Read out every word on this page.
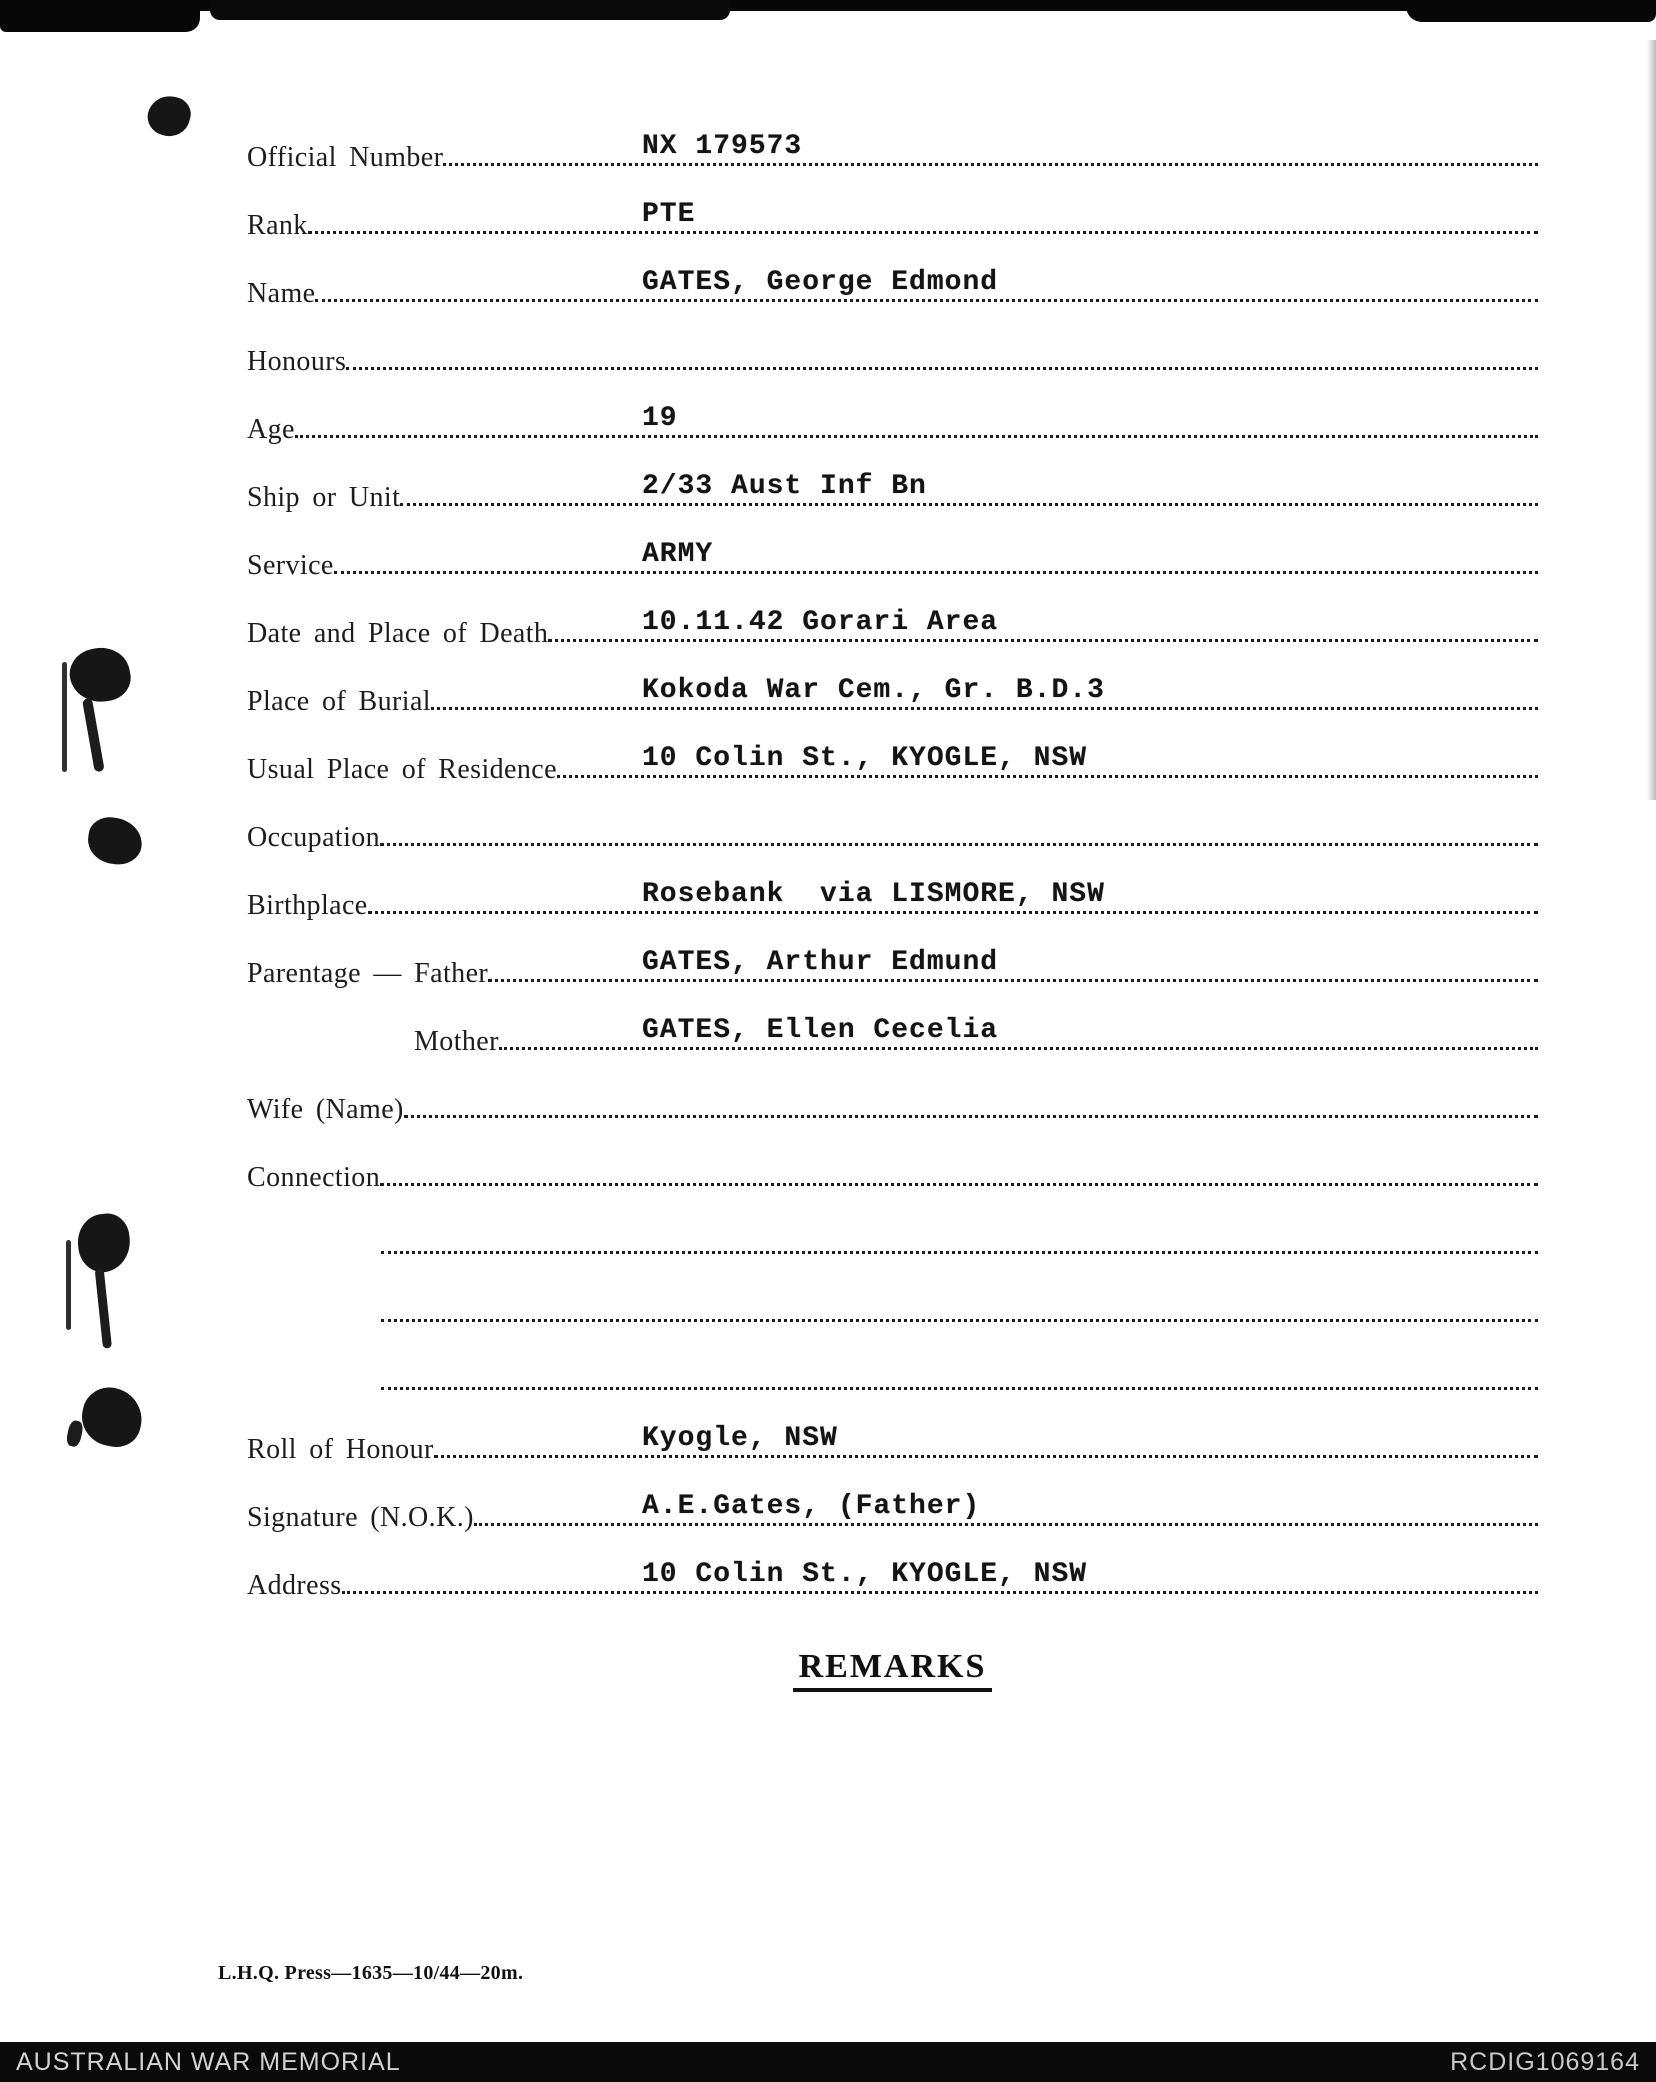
Official Number	NX 179573
Rank	PTE
Name	GATES, George Edmond
Honours
Age	19
Ship or Unit	2/33 Aust Inf Bn
Service	ARMY
Date and Place of Death	10.11.42 Gorari Area
Place of Burial	Kokoda War Cem., Gr. B.D.3
Usual Place of Residence	10 Colin St., KYOGLE, NSW
Occupation
Birthplace	Rosebank  via LISMORE, NSW
Parentage — Father	GATES, Arthur Edmund
Mother	GATES, Ellen Cecelia
Wife (Name)
Connection
Roll of Honour	Kyogle, NSW
Signature (N.O.K.)	A.E.Gates, (Father)
Address	10 Colin St., KYOGLE, NSW
REMARKS
L.H.Q. Press—1635—10/44—20m.
AUSTRALIAN WAR MEMORIAL	RCDIG1069164
